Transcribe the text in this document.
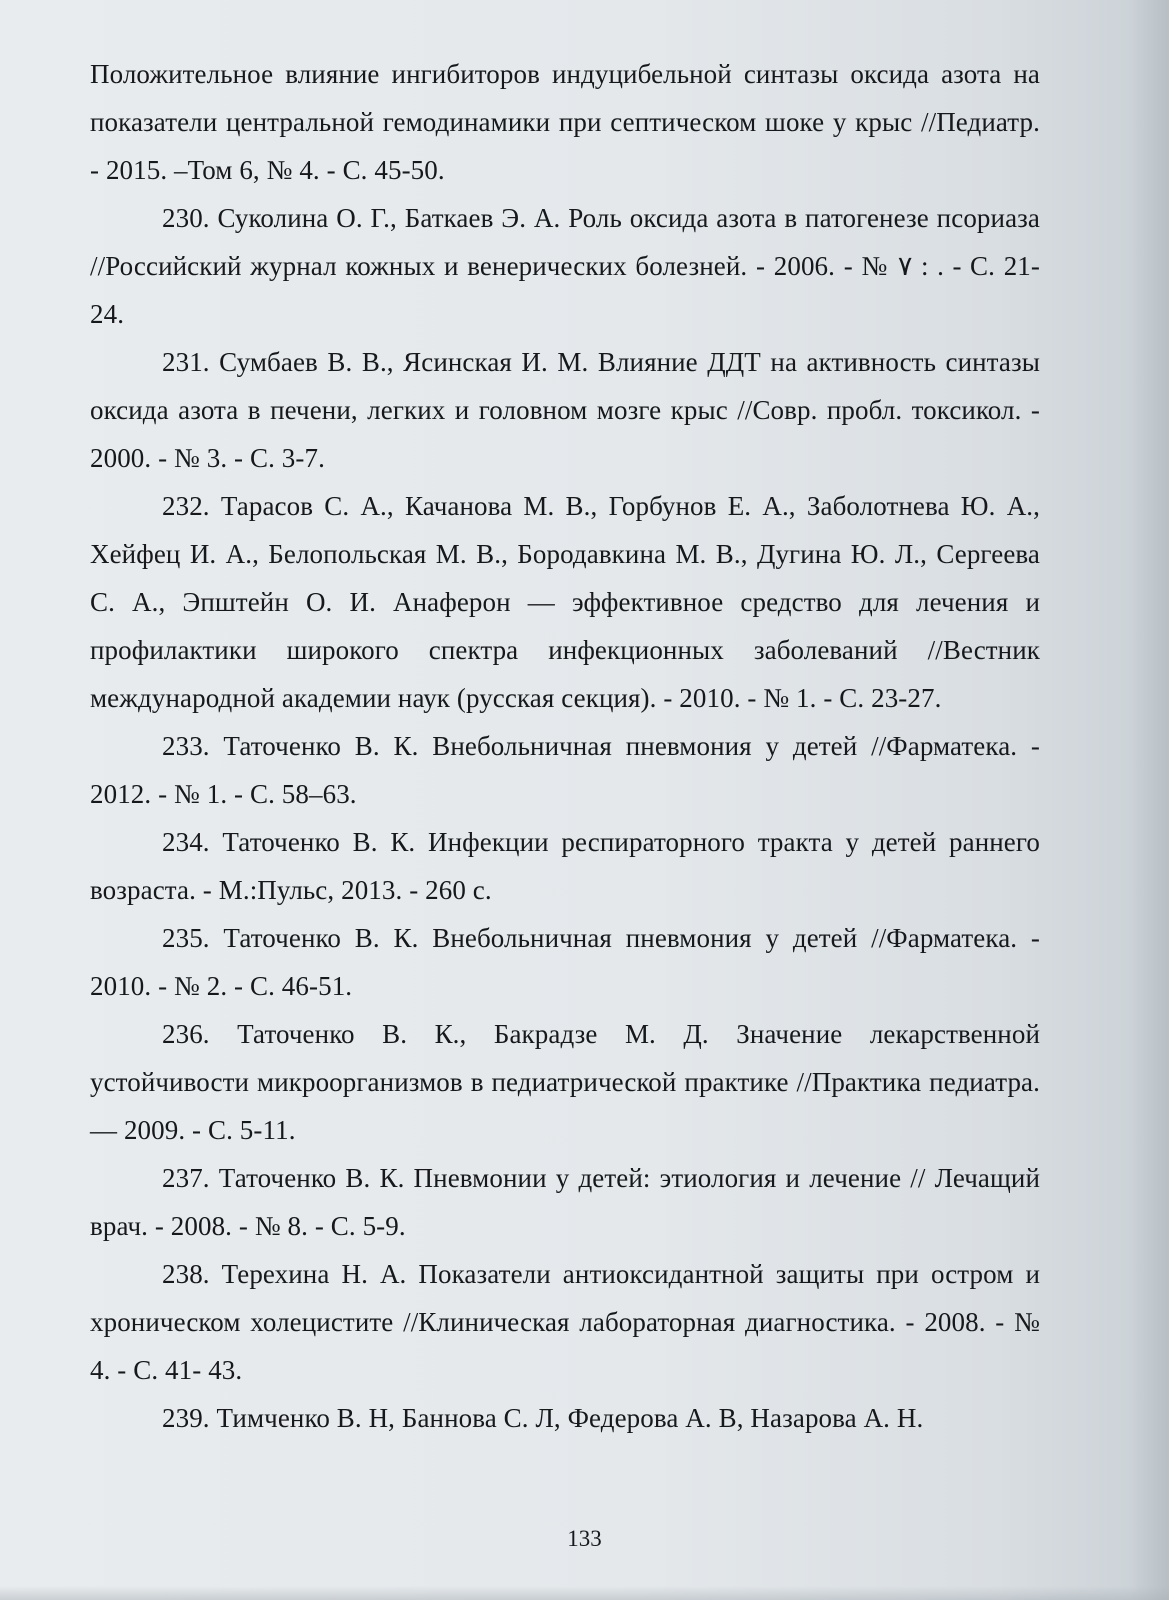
Положительное влияние ингибиторов индуцибельной синтазы оксида азота на показатели центральной гемодинамики при септическом шоке у крыс //Педиатр. - 2015. –Том 6, № 4. - С. 45-50.

230. Суколина О. Г., Баткаев Э. А. Роль оксида азота в патогенезе псориаза //Российский журнал кожных и венерических болезней. - 2006. - № ٧ : . - С. 21-24.

231. Сумбаев В. В., Ясинская И. М. Влияние ДДТ на активность синтазы оксида азота в печени, легких и головном мозге крыс //Совр. пробл. токсикол. - 2000. - № 3. - С. 3-7.

232. Тарасов С. А., Качанова М. В., Горбунов Е. А., Заболотнева Ю. А., Хейфец И. А., Белопольская М. В., Бородавкина М. В., Дугина Ю. Л., Сергеева С. А., Эпштейн О. И. Анаферон — эффективное средство для лечения и профилактики широкого спектра инфекционных заболеваний //Вестник международной академии наук (русская секция). - 2010. - № 1. - С. 23-27.

233. Таточенко В. К. Внебольничная пневмония у детей //Фарматека. - 2012. - № 1. - С. 58–63.

234. Таточенко В. К. Инфекции респираторного тракта у детей раннего возраста. - М.:Пульс, 2013. - 260 с.

235. Таточенко В. К. Внебольничная пневмония у детей //Фарматека. - 2010. - № 2. - С. 46-51.

236. Таточенко В. К., Бакрадзе М. Д. Значение лекарственной устойчивости микроорганизмов в педиатрической практике //Практика педиатра. — 2009. - С. 5-11.

237. Таточенко В. К. Пневмонии у детей: этиология и лечение // Лечащий врач. - 2008. - № 8. - С. 5-9.

238. Терехина Н. А. Показатели антиоксидантной защиты при остром и хроническом холецистите //Клиническая лабораторная диагностика. - 2008. - № 4. - С. 41- 43.

239. Тимченко В. Н, Баннова С. Л, Федерова А. В, Назарова А. Н.

133
